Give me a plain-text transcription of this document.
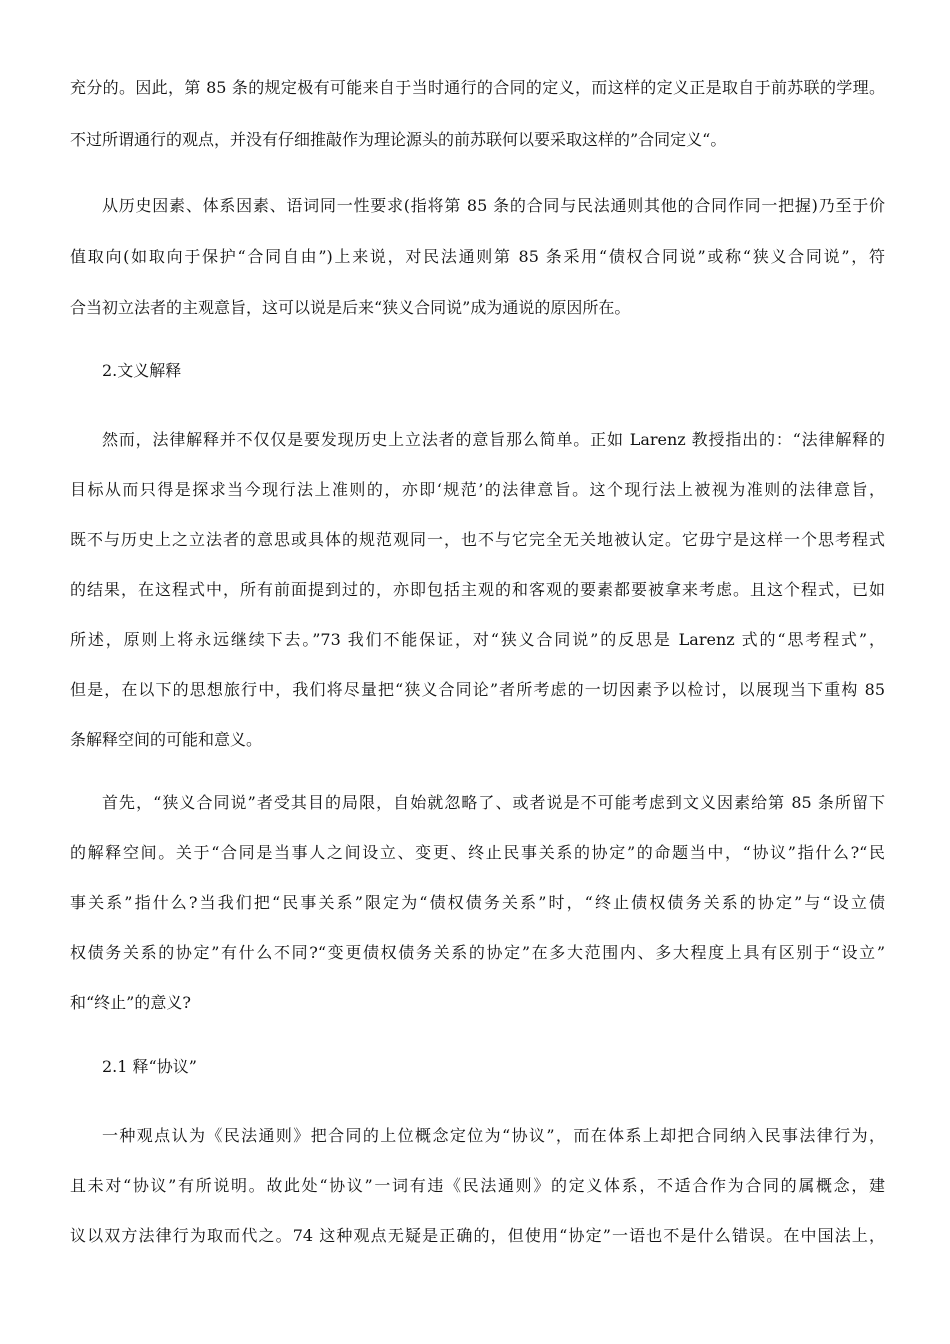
充分的。因此，第 85 条的规定极有可能来自于当时通行的合同的定义，而这样的定义正是取自于前苏联的学理。
不过所谓通行的观点，并没有仔细推敲作为理论源头的前苏联何以要采取这样的”合同定义“。
从历史因素、体系因素、语词同一性要求(指将第 85 条的合同与民法通则其他的合同作同一把握)乃至于价
值取向(如取向于保护“合同自由”)上来说，对民法通则第 85 条采用“债权合同说”或称“狭义合同说”，符
合当初立法者的主观意旨，这可以说是后来“狭义合同说”成为通说的原因所在。
2.文义解释
然而，法律解释并不仅仅是要发现历史上立法者的意旨那么简单。正如 Larenz 教授指出的：“法律解释的
目标从而只得是探求当今现行法上准则的，亦即‘规范’的法律意旨。这个现行法上被视为准则的法律意旨，
既不与历史上之立法者的意思或具体的规范观同一，也不与它完全无关地被认定。它毋宁是这样一个思考程式
的结果，在这程式中，所有前面提到过的，亦即包括主观的和客观的要素都要被拿来考虑。且这个程式，已如
所述，原则上将永远继续下去。”73 我们不能保证，对“狭义合同说”的反思是 Larenz 式的“思考程式”，
但是，在以下的思想旅行中，我们将尽量把“狭义合同论”者所考虑的一切因素予以检讨，以展现当下重构 85
条解释空间的可能和意义。
首先，“狭义合同说”者受其目的局限，自始就忽略了、或者说是不可能考虑到文义因素给第 85 条所留下
的解释空间。关于“合同是当事人之间设立、变更、终止民事关系的协定”的命题当中，“协议”指什么?“民
事关系”指什么?当我们把“民事关系”限定为“债权债务关系”时，“终止债权债务关系的协定”与“设立债
权债务关系的协定”有什么不同?“变更债权债务关系的协定”在多大范围内、多大程度上具有区别于“设立”
和“终止”的意义?
2.1 释“协议”
一种观点认为《民法通则》把合同的上位概念定位为“协议”，而在体系上却把合同纳入民事法律行为，
且未对“协议”有所说明。故此处“协议”一词有违《民法通则》的定义体系，不适合作为合同的属概念，建
议以双方法律行为取而代之。74 这种观点无疑是正确的，但使用“协定”一语也不是什么错误。在中国法上，
